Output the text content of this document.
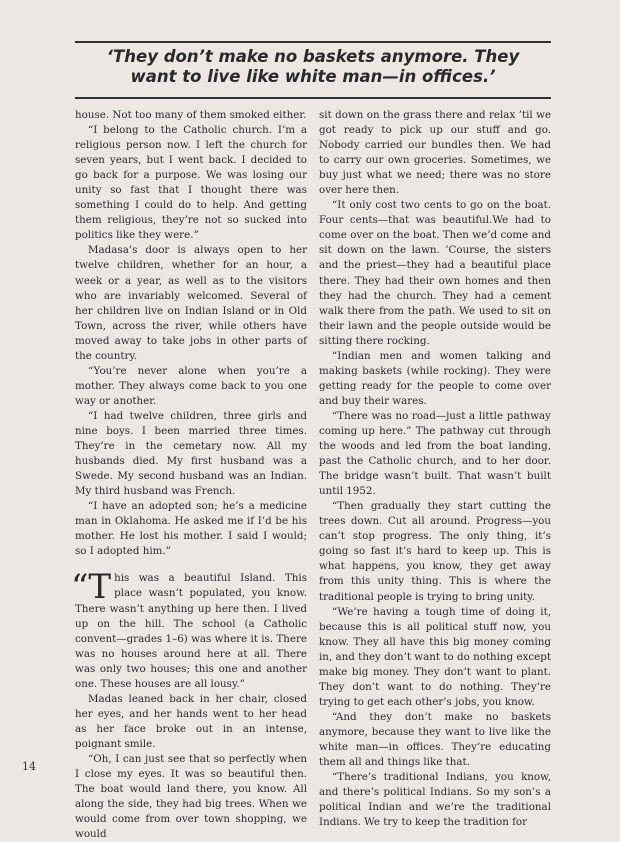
‘They don’t make no baskets anymore. They
want to live like white man—in offices.’

house. Not too many of them smoked either.

“I belong to the Catholic church. I’m a religious person now. I left the church for seven years, but I went back. I decided to go back for a purpose. We was losing our unity so fast that I thought there was something I could do to help. And getting them religious, they’re not so sucked into politics like they were.”

Madasa’s door is always open to her twelve children, whether for an hour, a week or a year, as well as to the visitors who are invariably welcomed. Several of her children live on Indian Island or in Old Town, across the river, while others have moved away to take jobs in other parts of the country.

“You’re never alone when you’re a mother. They always come back to you one way or another.

“I had twelve children, three girls and nine boys. I been married three times. They’re in the cemetary now. All my husbands died. My first husband was a Swede. My second husband was an Indian. My third husband was French.

“I have an adopted son; he’s a medicine man in Oklahoma. He asked me if I’d be his mother. He lost his mother. I said I would; so I adopted him.”

“This was a beautiful Island. This place wasn’t populated, you know. There wasn’t anything up here then. I lived up on the hill. The school (a Catholic convent—grades 1–6) was where it is. There was no houses around here at all. There was only two houses; this one and another one. These houses are all lousy.”

Madas leaned back in her chair, closed her eyes, and her hands went to her head as her face broke out in an intense, poignant smile.

“Oh, I can just see that so perfectly when I close my eyes. It was so beautiful then. The boat would land there, you know. All along the side, they had big trees. When we would come from over town shopping, we would

sit down on the grass there and relax ’til we got ready to pick up our stuff and go. Nobody carried our bundles then. We had to carry our own groceries. Sometimes, we buy just what we need; there was no store over here then.

“It only cost two cents to go on the boat. Four cents—that was beautiful.We had to come over on the boat. Then we’d come and sit down on the lawn. ’Course, the sisters and the priest—they had a beautiful place there. They had their own homes and then they had the church. They had a cement walk there from the path. We used to sit on their lawn and the people outside would be sitting there rocking.

“Indian men and women talking and making baskets (while rocking). They were getting ready for the people to come over and buy their wares.

“There was no road—just a little pathway coming up here.” The pathway cut through the woods and led from the boat landing, past the Catholic church, and to her door. The bridge wasn’t built. That wasn’t built until 1952.

“Then gradually they start cutting the trees down. Cut all around. Progress—you can’t stop progress. The only thing, it’s going so fast it’s hard to keep up. This is what happens, you know, they get away from this unity thing. This is where the traditional people is trying to bring unity.

“We’re having a tough time of doing it, because this is all political stuff now, you know. They all have this big money coming in, and they don’t want to do nothing except make big money. They don’t want to plant. They don’t want to do nothing. They’re trying to get each other’s jobs, you know.

“And they don’t make no baskets anymore, because they want to live like the white man—in offices. They’re educating them all and things like that.

“There’s traditional Indians, you know, and there’s political Indians. So my son’s a political Indian and we’re the traditional Indians. We try to keep the tradition for

14
